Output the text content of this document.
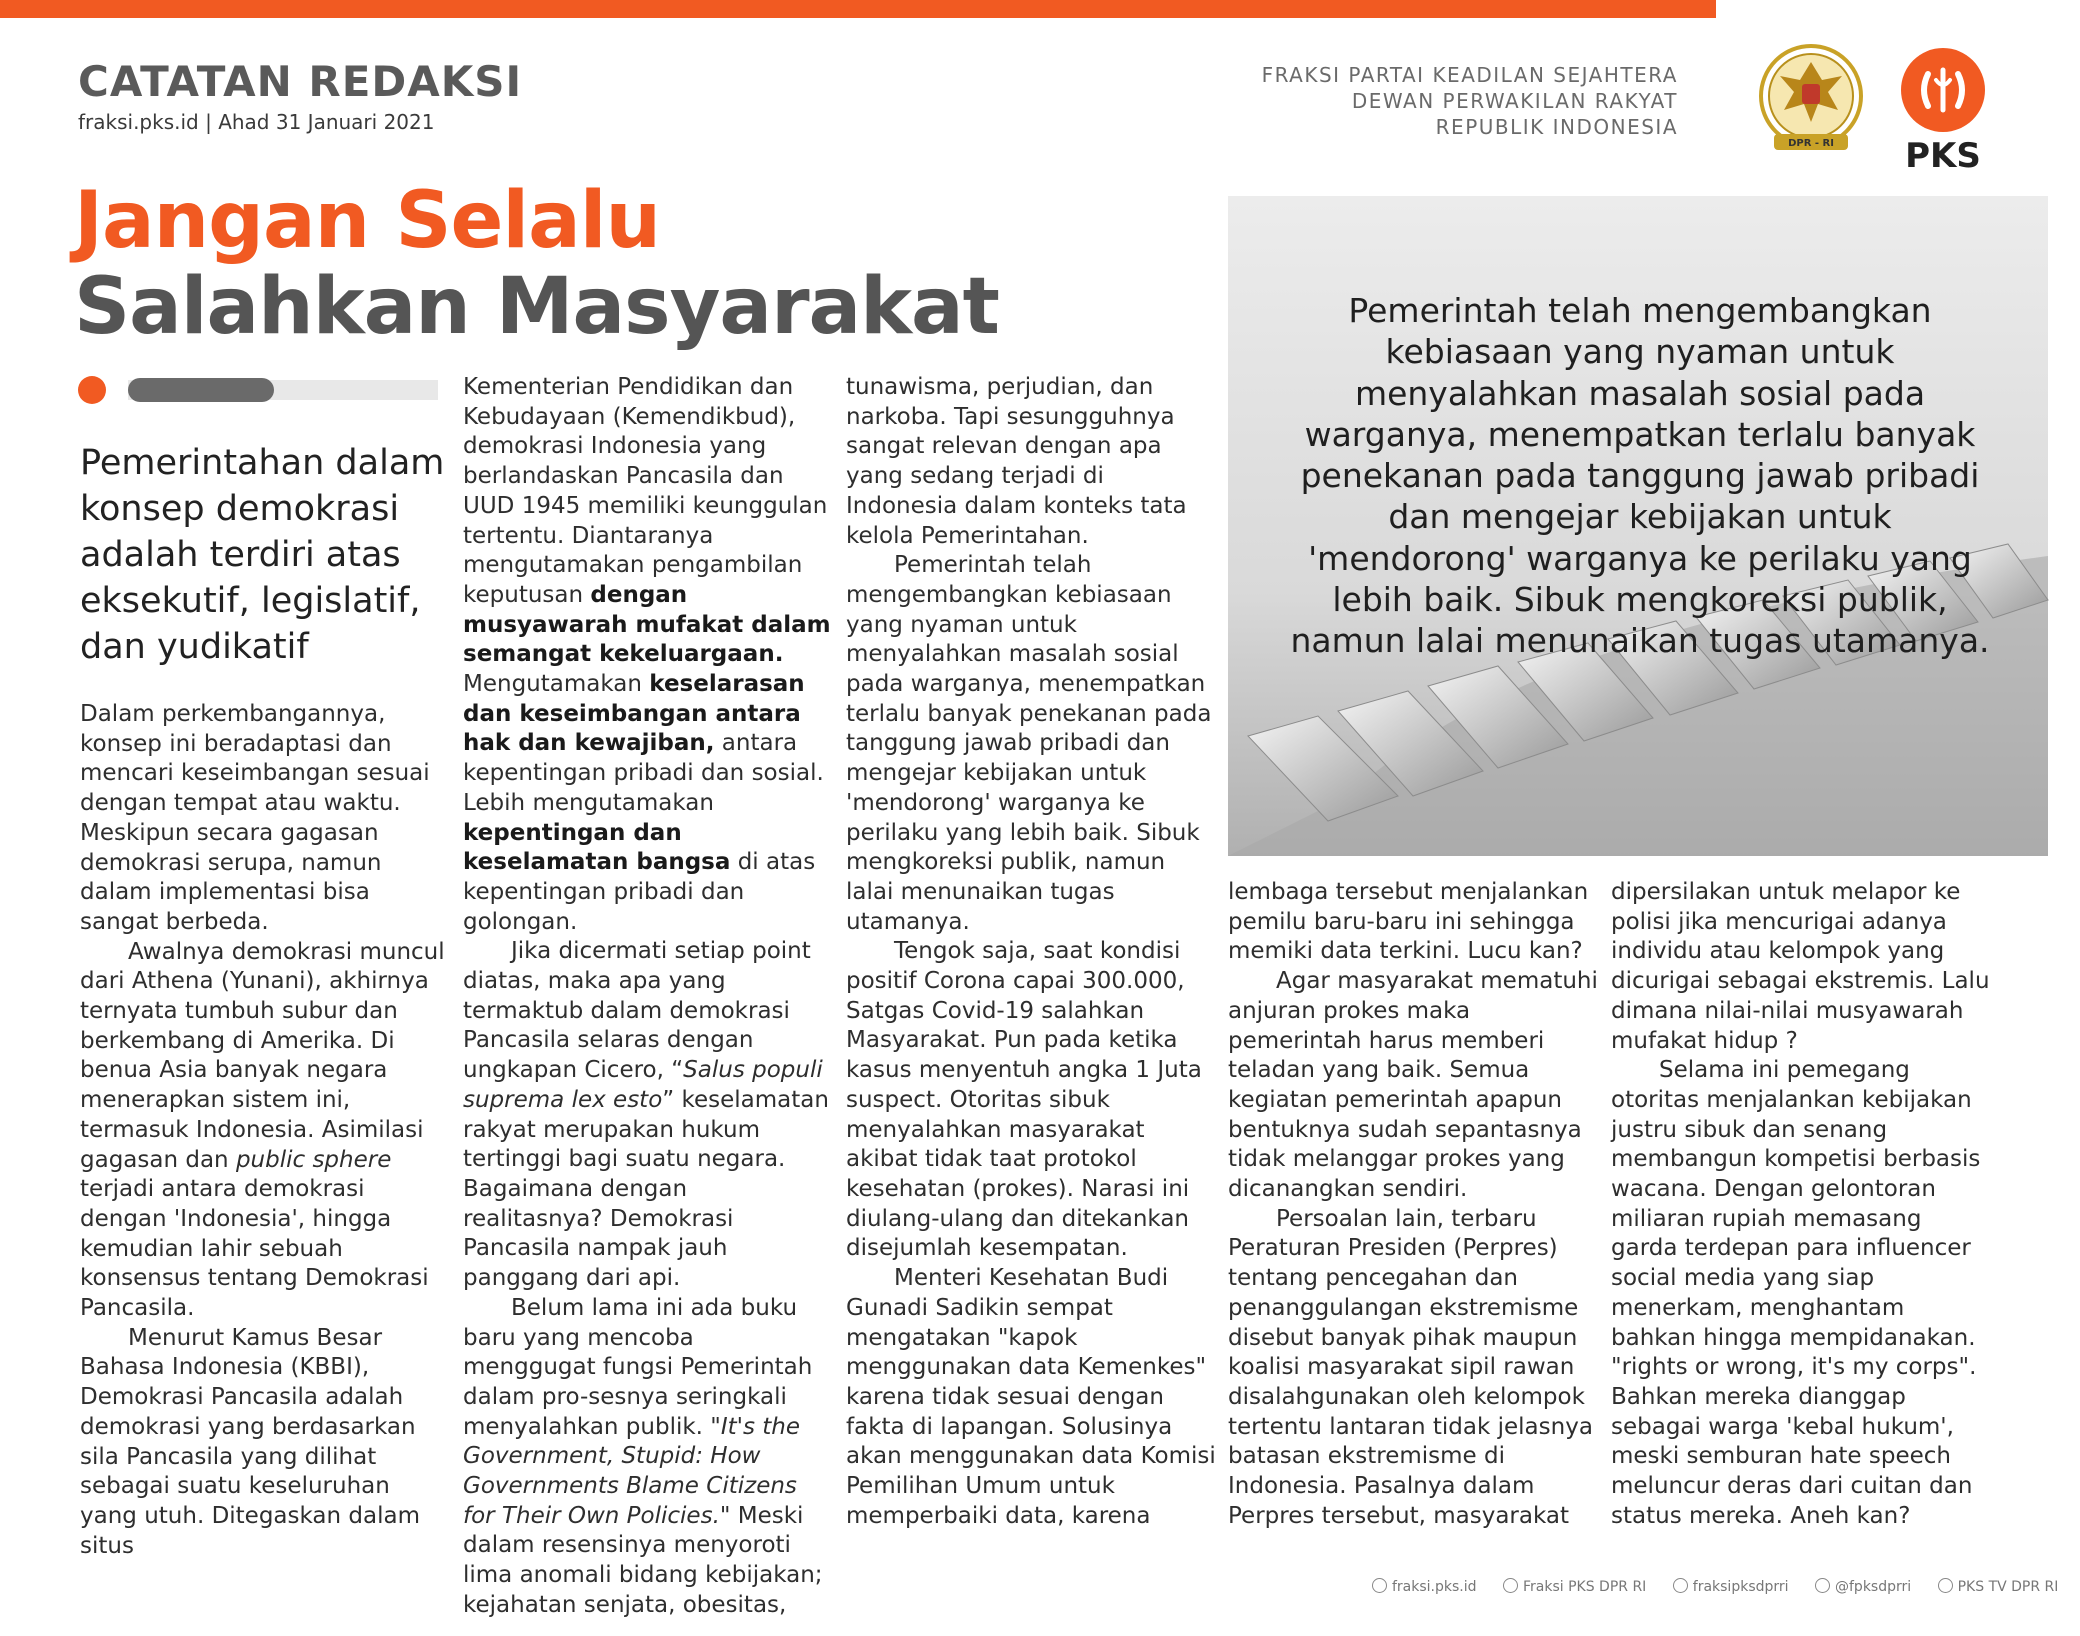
CATATAN REDAKSI
fraksi.pks.id | Ahad 31 Januari 2021
FRAKSI PARTAI KEADILAN SEJAHTERA
DEWAN PERWAKILAN RAKYAT
REPUBLIK INDONESIA
DPR - RI PKS
Jangan Selalu
Salahkan Masyarakat
Pemerintahan dalam konsep demokrasi adalah terdiri atas eksekutif, legislatif, dan yudikatif

Dalam perkembangannya, konsep ini beradaptasi dan mencari keseimbangan sesuai dengan tempat atau waktu. Meskipun secara gagasan demokrasi serupa, namun dalam implementasi bisa sangat berbeda.

Awalnya demokrasi muncul dari Athena (Yunani), akhirnya ternyata tumbuh subur dan berkembang di Amerika. Di benua Asia banyak negara menerapkan sistem ini, termasuk Indonesia. Asimilasi gagasan dan public sphere terjadi antara demokrasi dengan 'Indonesia', hingga kemudian lahir sebuah konsensus tentang Demokrasi Pancasila.

Menurut Kamus Besar Bahasa Indonesia (KBBI), Demokrasi Pancasila adalah demokrasi yang berdasarkan sila Pancasila yang dilihat sebagai suatu keseluruhan yang utuh. Ditegaskan dalam situs

Kementerian Pendidikan dan Kebudayaan (Kemendikbud), demokrasi Indonesia yang berlandaskan Pancasila dan UUD 1945 memiliki keunggulan tertentu. Diantaranya mengutamakan pengambilan keputusan dengan musyawarah mufakat dalam semangat kekeluargaan. Mengutamakan keselarasan dan keseimbangan antara hak dan kewajiban, antara kepentingan pribadi dan sosial. Lebih mengutamakan kepentingan dan keselamatan bangsa di atas kepentingan pribadi dan golongan.

Jika dicermati setiap point diatas, maka apa yang termaktub dalam demokrasi Pancasila selaras dengan ungkapan Cicero, “Salus populi suprema lex esto” keselamatan rakyat merupakan hukum tertinggi bagi suatu negara. Bagaimana dengan realitasnya? Demokrasi Pancasila nampak jauh panggang dari api.

Belum lama ini ada buku baru yang mencoba menggugat fungsi Pemerintah dalam pro-sesnya seringkali menyalahkan publik. "It's the Government, Stupid: How Governments Blame Citizens for Their Own Policies." Meski dalam resensinya menyoroti lima anomali bidang kebijakan; kejahatan senjata, obesitas,

tunawisma, perjudian, dan narkoba. Tapi sesungguhnya sangat relevan dengan apa yang sedang terjadi di Indonesia dalam konteks tata kelola Pemerintahan.

Pemerintah telah mengembangkan kebiasaan yang nyaman untuk menyalahkan masalah sosial pada warganya, menempatkan terlalu banyak penekanan pada tanggung jawab pribadi dan mengejar kebijakan untuk 'mendorong' warganya ke perilaku yang lebih baik. Sibuk mengkoreksi publik, namun lalai menunaikan tugas utamanya.

Tengok saja, saat kondisi positif Corona capai 300.000, Satgas Covid-19 salahkan Masyarakat. Pun pada ketika kasus menyentuh angka 1 Juta suspect. Otoritas sibuk menyalahkan masyarakat akibat tidak taat protokol kesehatan (prokes). Narasi ini diulang-ulang dan ditekankan disejumlah kesempatan.

Menteri Kesehatan Budi Gunadi Sadikin sempat mengatakan "kapok menggunakan data Kemenkes" karena tidak sesuai dengan fakta di lapangan. Solusinya akan menggunakan data Komisi Pemilihan Umum untuk memperbaiki data, karena

Pemerintah telah mengembangkan kebiasaan yang nyaman untuk menyalahkan masalah sosial pada warganya, menempatkan terlalu banyak penekanan pada tanggung jawab pribadi dan mengejar kebijakan untuk 'mendorong' warganya ke perilaku yang lebih baik. Sibuk mengkoreksi publik, namun lalai menunaikan tugas utamanya.

lembaga tersebut menjalankan pemilu baru-baru ini sehingga memiki data terkini. Lucu kan?

Agar masyarakat mematuhi anjuran prokes maka pemerintah harus memberi teladan yang baik. Semua kegiatan pemerintah apapun bentuknya sudah sepantasnya tidak melanggar prokes yang dicanangkan sendiri.

Persoalan lain, terbaru Peraturan Presiden (Perpres) tentang pencegahan dan penanggulangan ekstremisme disebut banyak pihak maupun koalisi masyarakat sipil rawan disalahgunakan oleh kelompok tertentu lantaran tidak jelasnya batasan ekstremisme di Indonesia. Pasalnya dalam Perpres tersebut, masyarakat

dipersilakan untuk melapor ke polisi jika mencurigai adanya individu atau kelompok yang dicurigai sebagai ekstremis. Lalu dimana nilai-nilai musyawarah mufakat hidup ?

Selama ini pemegang otoritas menjalankan kebijakan justru sibuk dan senang membangun kompetisi berbasis wacana. Dengan gelontoran miliaran rupiah memasang garda terdepan para influencer social media yang siap menerkam, menghantam bahkan hingga mempidanakan. "rights or wrong, it's my corps". Bahkan mereka dianggap sebagai warga 'kebal hukum', meski semburan hate speech meluncur deras dari cuitan dan status mereka. Aneh kan?

fraksi.pks.id	Fraksi PKS DPR RI	fraksipksdprri	@fpksdprri	PKS TV DPR RI
